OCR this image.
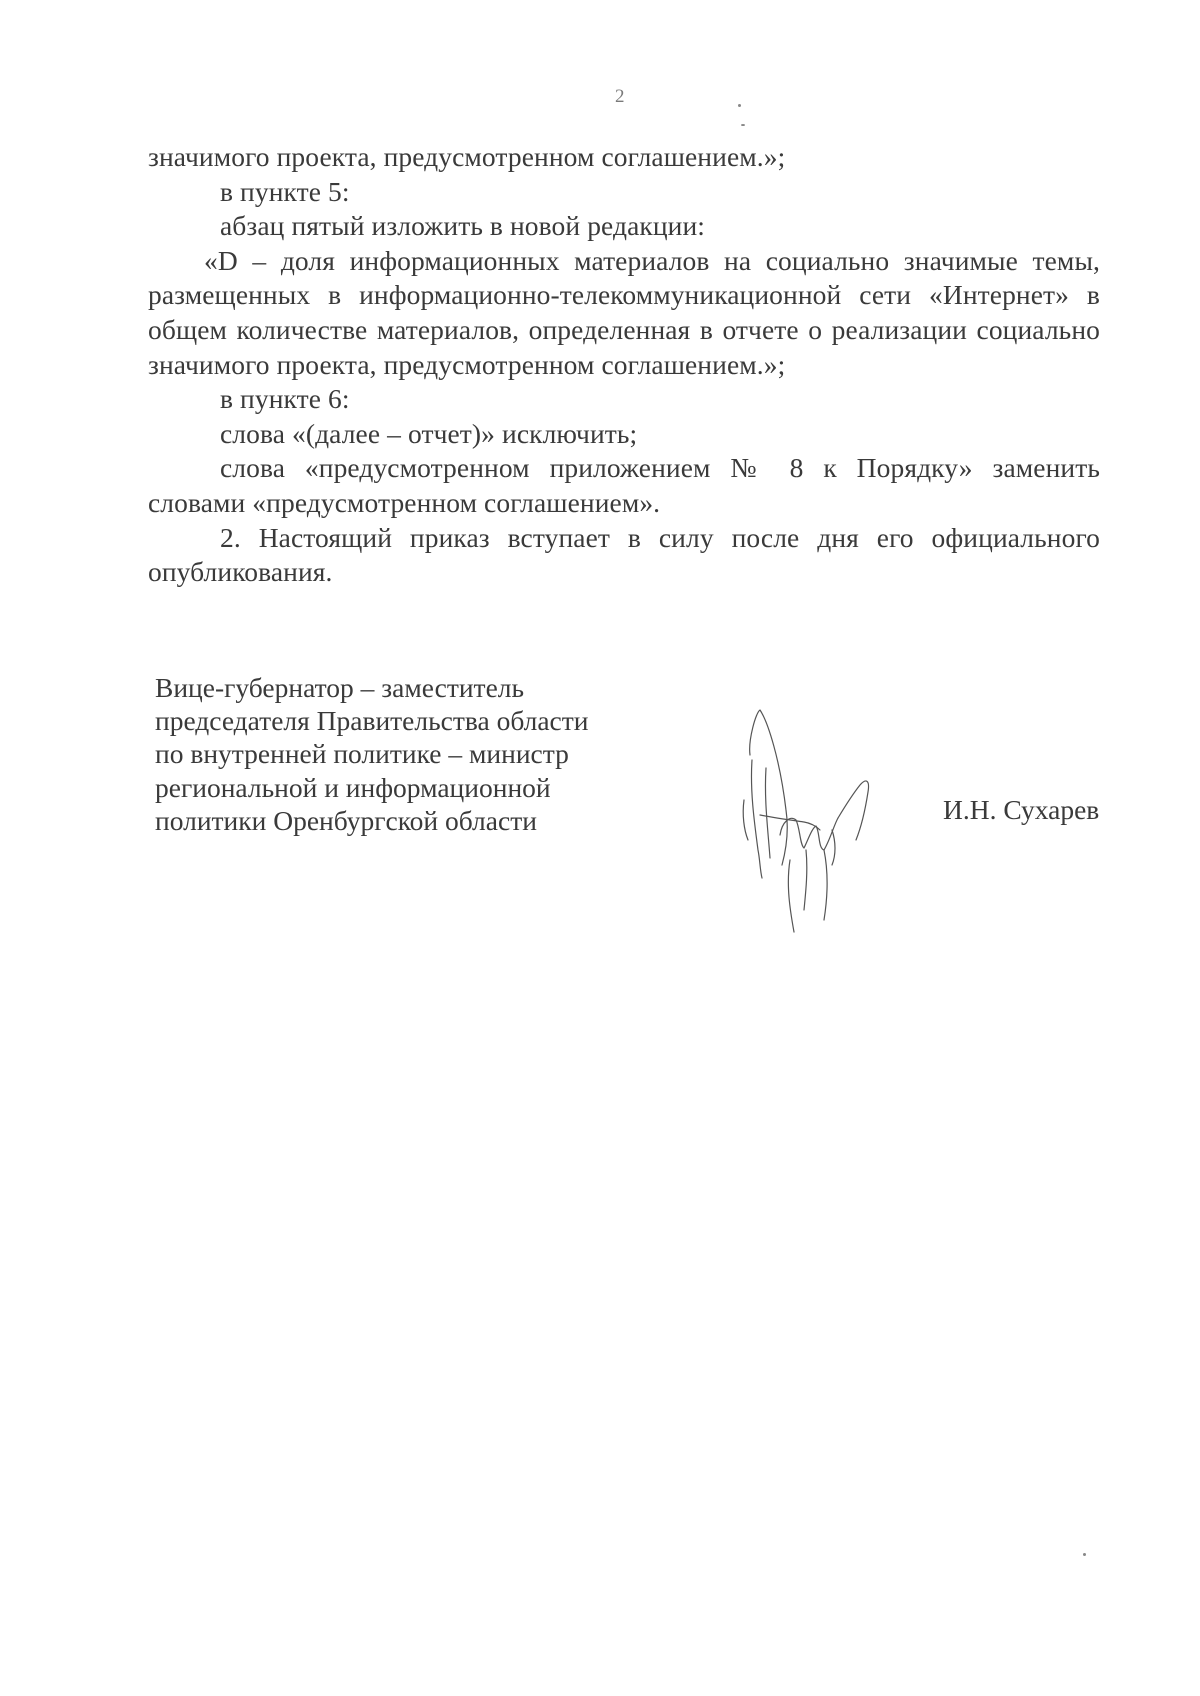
2

значимого проекта, предусмотренном соглашением.»;

в пункте 5:

абзац пятый изложить в новой редакции:

«D – доля информационных материалов на социально значимые темы, размещенных в информационно-телекоммуникационной сети «Интернет» в общем количестве материалов, определенная в отчете о реализации социально значимого проекта, предусмотренном соглашением.»;

в пункте 6:

слова «(далее – отчет)» исключить;

слова «предусмотренном приложением № 8 к Порядку» заменить словами «предусмотренном соглашением».

2. Настоящий приказ вступает в силу после дня его официального опубликования.

Вице-губернатор – заместитель
председателя Правительства области
по внутренней политике – министр
региональной и информационной
политики Оренбургской области	И.Н. Сухарев
